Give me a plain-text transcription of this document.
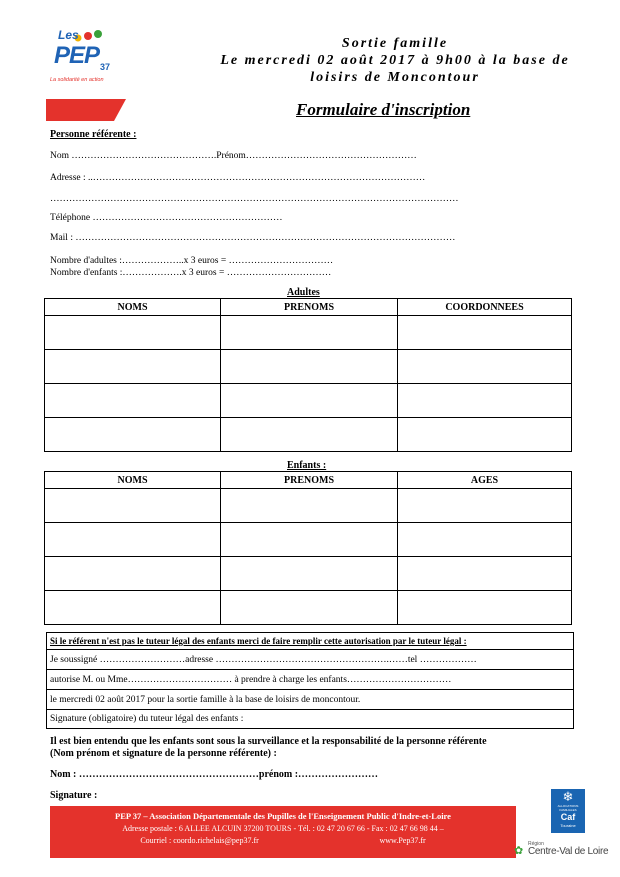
Les
PEP 37
La solidarité en action
Sortie famille
Le mercredi 02 août 2017 à 9h00 à la base de
loisirs de Moncontour
Formulaire d'inscription
Personne référente :
Nom ……………………………………….Prénom………………………………………………
Adresse : ..……………………………………………………………………………………………
…………………………………………………………………………………………………………………
Téléphone ……………………………………………………
Mail : …………………………………………………………………………………………………………
Nombre d'adultes :………………..x 3 euros = ……………………………
Nombre d'enfants :……………….x 3 euros = ……………………………
Adultes
NOMS	PRENOMS	COORDONNEES

Enfants :
NOMS	PRENOMS	AGES

Si le référent n'est pas le tuteur légal des enfants merci de faire remplir cette autorisation par le tuteur légal :
Je soussigné ………………………adresse ……………………………………………….……tel ………………
autorise M. ou Mme…………………………… à prendre à charge les enfants……………………………
le mercredi 02 août 2017 pour la sortie famille à la base de loisirs de moncontour.
Signature (obligatoire) du tuteur légal des enfants :
Il est bien entendu que les enfants sont sous la surveillance et la responsabilité de la personne référente
(Nom prénom et signature de la personne référente) :
Nom : ………………………………………………prénom :……………………
Signature :
PEP 37 – Association Départementale des Pupilles de l'Enseignement Public d'Indre-et-Loire
Adresse postale : 6 ALLEE ALCUIN 37200 TOURS - Tél. : 02 47 20 67 66 - Fax : 02 47 66 98 44 –
Courriel : coordo.richelais@pep37.fr	www.Pep37.fr
❄
ALLOCATIONS FAMILIALES
Caf
Touraine
✿
Région
Centre-Val de Loire
